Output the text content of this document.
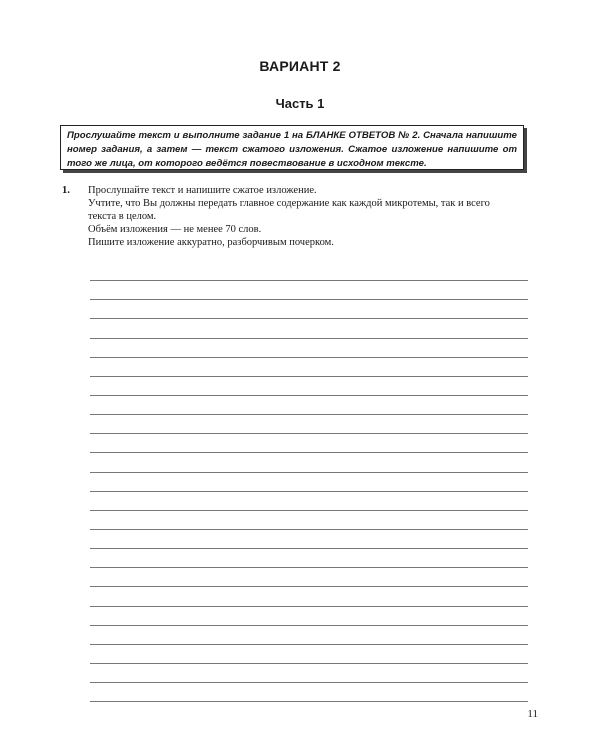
ВАРИАНТ 2
Часть 1
Прослушайте текст и выполните задание 1 на БЛАНКЕ ОТВЕТОВ № 2. Сначала напишите номер задания, а затем — текст сжатого изложения. Сжатое изложение напишите от того же лица, от которого ведётся повествование в исходном тексте.
1. Прослушайте текст и напишите сжатое изложение.
Учтите, что Вы должны передать главное содержание как каждой микротемы, так и всего
текста в целом.
Объём изложения — не менее 70 слов.
Пишите изложение аккуратно, разборчивым почерком.
11
